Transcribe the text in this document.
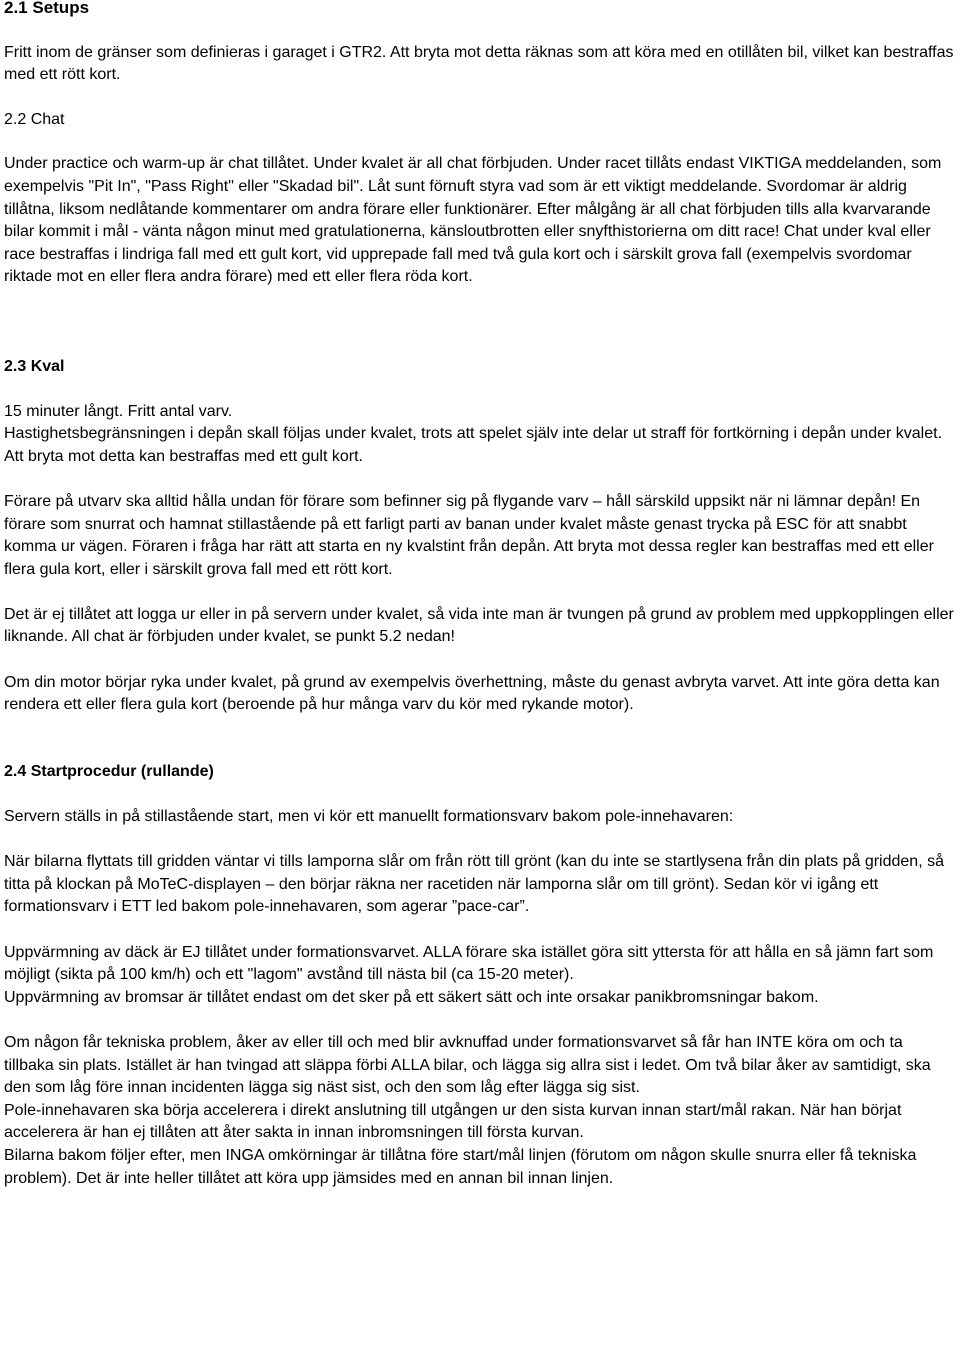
2.1 Setups

Fritt inom de gränser som definieras i garaget i GTR2. Att bryta mot detta räknas som att köra med en otillåten bil, vilket kan bestraffas med ett rött kort.

2.2 Chat

Under practice och warm-up är chat tillåtet. Under kvalet är all chat förbjuden. Under racet tillåts endast VIKTIGA meddelanden, som exempelvis "Pit In", "Pass Right" eller "Skadad bil". Låt sunt förnuft styra vad som är ett viktigt meddelande. Svordomar är aldrig tillåtna, liksom nedlåtande kommentarer om andra förare eller funktionärer. Efter målgång är all chat förbjuden tills alla kvarvarande bilar kommit i mål - vänta någon minut med gratulationerna, känsloutbrotten eller snyfthistorierna om ditt race! Chat under kval eller race bestraffas i lindriga fall med ett gult kort, vid upprepade fall med två gula kort och i särskilt grova fall (exempelvis svordomar riktade mot en eller flera andra förare) med ett eller flera röda kort.

2.3 Kval

15 minuter långt. Fritt antal varv.

Hastighetsbegränsningen i depån skall följas under kvalet, trots att spelet själv inte delar ut straff för fortkörning i depån under kvalet. Att bryta mot detta kan bestraffas med ett gult kort.

Förare på utvarv ska alltid hålla undan för förare som befinner sig på flygande varv – håll särskild uppsikt när ni lämnar depån! En förare som snurrat och hamnat stillastående på ett farligt parti av banan under kvalet måste genast trycka på ESC för att snabbt komma ur vägen. Föraren i fråga har rätt att starta en ny kvalstint från depån. Att bryta mot dessa regler kan bestraffas med ett eller flera gula kort, eller i särskilt grova fall med ett rött kort.

Det är ej tillåtet att logga ur eller in på servern under kvalet, så vida inte man är tvungen på grund av problem med uppkopplingen eller liknande. All chat är förbjuden under kvalet, se punkt 5.2 nedan!

Om din motor börjar ryka under kvalet, på grund av exempelvis överhettning, måste du genast avbryta varvet. Att inte göra detta kan rendera ett eller flera gula kort (beroende på hur många varv du kör med rykande motor).

2.4 Startprocedur (rullande)

Servern ställs in på stillastående start, men vi kör ett manuellt formationsvarv bakom pole-innehavaren:

När bilarna flyttats till gridden väntar vi tills lamporna slår om från rött till grönt (kan du inte se startlysena från din plats på gridden, så titta på klockan på MoTeC-displayen – den börjar räkna ner racetiden när lamporna slår om till grönt). Sedan kör vi igång ett formationsvarv i ETT led bakom pole-innehavaren, som agerar ”pace-car”.

Uppvärmning av däck är EJ tillåtet under formationsvarvet. ALLA förare ska istället göra sitt yttersta för att hålla en så jämn fart som möjligt (sikta på 100 km/h) och ett "lagom" avstånd till nästa bil (ca 15-20 meter).

Uppvärmning av bromsar är tillåtet endast om det sker på ett säkert sätt och inte orsakar panikbromsningar bakom.

Om någon får tekniska problem, åker av eller till och med blir avknuffad under formationsvarvet så får han INTE köra om och ta tillbaka sin plats. Istället är han tvingad att släppa förbi ALLA bilar, och lägga sig allra sist i ledet. Om två bilar åker av samtidigt, ska den som låg före innan incidenten lägga sig näst sist, och den som låg efter lägga sig sist.

Pole-innehavaren ska börja accelerera i direkt anslutning till utgången ur den sista kurvan innan start/mål rakan. När han börjat accelerera är han ej tillåten att åter sakta in innan inbromsningen till första kurvan.

Bilarna bakom följer efter, men INGA omkörningar är tillåtna före start/mål linjen (förutom om någon skulle snurra eller få tekniska problem). Det är inte heller tillåtet att köra upp jämsides med en annan bil innan linjen.
